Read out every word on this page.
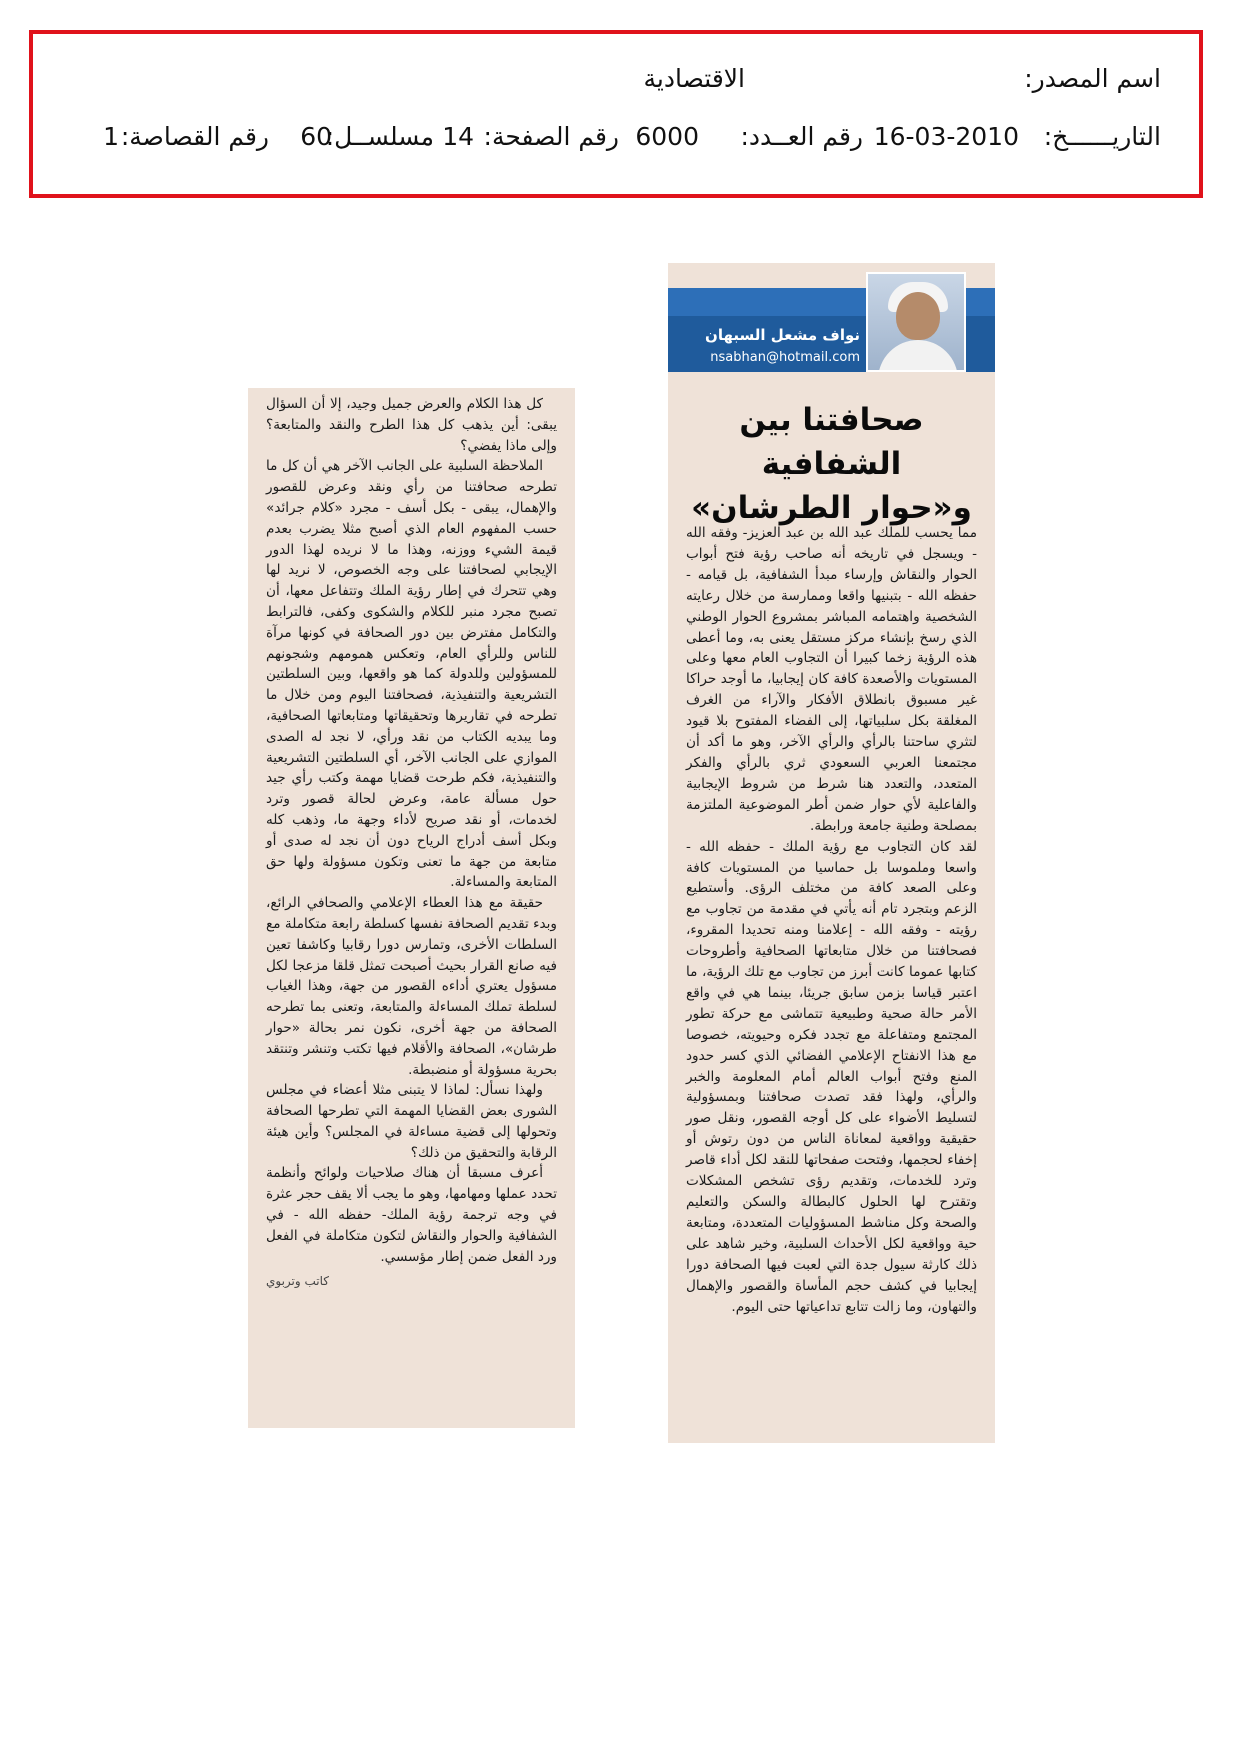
اسم المصدر:
الاقتصادية
التاريــــــخ:
16-03-2010
رقم العــدد:
6000
رقم الصفحة:
14
مسلســل:
60
رقم القصاصة:
1
نواف مشعل السبهان
nsabhan@hotmail.com
صحافتنا بين الشفافية
و«حوار الطرشان»

مما يحسب للملك عبد الله بن عبد العزيز- وفقه الله - ويسجل في تاريخه أنه صاحب رؤية فتح أبواب الحوار والنقاش وإرساء مبدأ الشفافية، بل قيامه - حفظه الله - بتبنيها واقعا وممارسة من خلال رعايته الشخصية واهتمامه المباشر بمشروع الحوار الوطني الذي رسخ بإنشاء مركز مستقل يعنى به، وما أعطى هذه الرؤية زخما كبيرا أن التجاوب العام معها وعلى المستويات والأصعدة كافة كان إيجابيا، ما أوجد حراكا غير مسبوق بانطلاق الأفكار والآراء من الغرف المغلقة بكل سلبياتها، إلى الفضاء المفتوح بلا قيود لتثري ساحتنا بالرأي والرأي الآخر، وهو ما أكد أن مجتمعنا العربي السعودي ثري بالرأي والفكر المتعدد، والتعدد هنا شرط من شروط الإيجابية والفاعلية لأي حوار ضمن أطر الموضوعية الملتزمة بمصلحة وطنية جامعة ورابطة.

لقد كان التجاوب مع رؤية الملك - حفظه الله - واسعا وملموسا بل حماسيا من المستويات كافة وعلى الصعد كافة من مختلف الرؤى. وأستطيع الزعم وبتجرد تام أنه يأتي في مقدمة من تجاوب مع رؤيته - وفقه الله - إعلامنا ومنه تحديدا المقروء، فصحافتنا من خلال متابعاتها الصحافية وأطروحات كتابها عموما كانت أبرز من تجاوب مع تلك الرؤية، ما اعتبر قياسا بزمن سابق جريئا، بينما هي في واقع الأمر حالة صحية وطبيعية تتماشى مع حركة تطور المجتمع ومتفاعلة مع تجدد فكره وحيويته، خصوصا مع هذا الانفتاح الإعلامي الفضائي الذي كسر حدود المنع وفتح أبواب العالم أمام المعلومة والخبر والرأي، ولهذا فقد تصدت صحافتنا وبمسؤولية لتسليط الأضواء على كل أوجه القصور، ونقل صور حقيقية وواقعية لمعاناة الناس من دون رتوش أو إخفاء لحجمها، وفتحت صفحاتها للنقد لكل أداء قاصر وترد للخدمات، وتقديم رؤى تشخص المشكلات وتقترح لها الحلول كالبطالة والسكن والتعليم والصحة وكل مناشط المسؤوليات المتعددة، ومتابعة حية وواقعية لكل الأحداث السلبية، وخير شاهد على ذلك كارثة سيول جدة التي لعبت فيها الصحافة دورا إيجابيا في كشف حجم المأساة والقصور والإهمال والتهاون، وما زالت تتابع تداعياتها حتى اليوم.

كل هذا الكلام والعرض جميل وجيد، إلا أن السؤال يبقى: أين يذهب كل هذا الطرح والنقد والمتابعة؟ وإلى ماذا يفضي؟

الملاحظة السلبية على الجانب الآخر هي أن كل ما تطرحه صحافتنا من رأي ونقد وعرض للقصور والإهمال، يبقى - بكل أسف - مجرد «كلام جرائد» حسب المفهوم العام الذي أصبح مثلا يضرب بعدم قيمة الشيء ووزنه، وهذا ما لا نريده لهذا الدور الإيجابي لصحافتنا على وجه الخصوص، لا نريد لها وهي تتحرك في إطار رؤية الملك وتتفاعل معها، أن تصبح مجرد منبر للكلام والشكوى وكفى، فالترابط والتكامل مفترض بين دور الصحافة في كونها مرآة للناس وللرأي العام، وتعكس همومهم وشجونهم للمسؤولين وللدولة كما هو واقعها، وبين السلطتين التشريعية والتنفيذية، فصحافتنا اليوم ومن خلال ما تطرحه في تقاريرها وتحقيقاتها ومتابعاتها الصحافية، وما يبديه الكتاب من نقد ورأي، لا نجد له الصدى الموازي على الجانب الآخر، أي السلطتين التشريعية والتنفيذية، فكم طرحت قضايا مهمة وكتب رأي جيد حول مسألة عامة، وعرض لحالة قصور وترد لخدمات، أو نقد صريح لأداء وجهة ما، وذهب كله وبكل أسف أدراج الرياح دون أن نجد له صدى أو متابعة من جهة ما تعنى وتكون مسؤولة ولها حق المتابعة والمساءلة.

حقيقة مع هذا العطاء الإعلامي والصحافي الرائع، وبدء تقديم الصحافة نفسها كسلطة رابعة متكاملة مع السلطات الأخرى، وتمارس دورا رقابيا وكاشفا تعين فيه صانع القرار بحيث أصبحت تمثل قلقا مزعجا لكل مسؤول يعتري أداءه القصور من جهة، وهذا الغياب لسلطة تملك المساءلة والمتابعة، وتعنى بما تطرحه الصحافة من جهة أخرى، نكون نمر بحالة «حوار طرشان»، الصحافة والأقلام فيها تكتب وتنشر وتنتقد بحرية مسؤولة أو منضبطة.

ولهذا نسأل: لماذا لا يتبنى مثلا أعضاء في مجلس الشورى بعض القضايا المهمة التي تطرحها الصحافة وتحولها إلى قضية مساءلة في المجلس؟ وأين هيئة الرقابة والتحقيق من ذلك؟

أعرف مسبقا أن هناك صلاحيات ولوائح وأنظمة تحدد عملها ومهامها، وهو ما يجب ألا يقف حجر عثرة في وجه ترجمة رؤية الملك- حفظه الله - في الشفافية والحوار والنقاش لتكون متكاملة في الفعل ورد الفعل ضمن إطار مؤسسي.

كاتب وتربوي
